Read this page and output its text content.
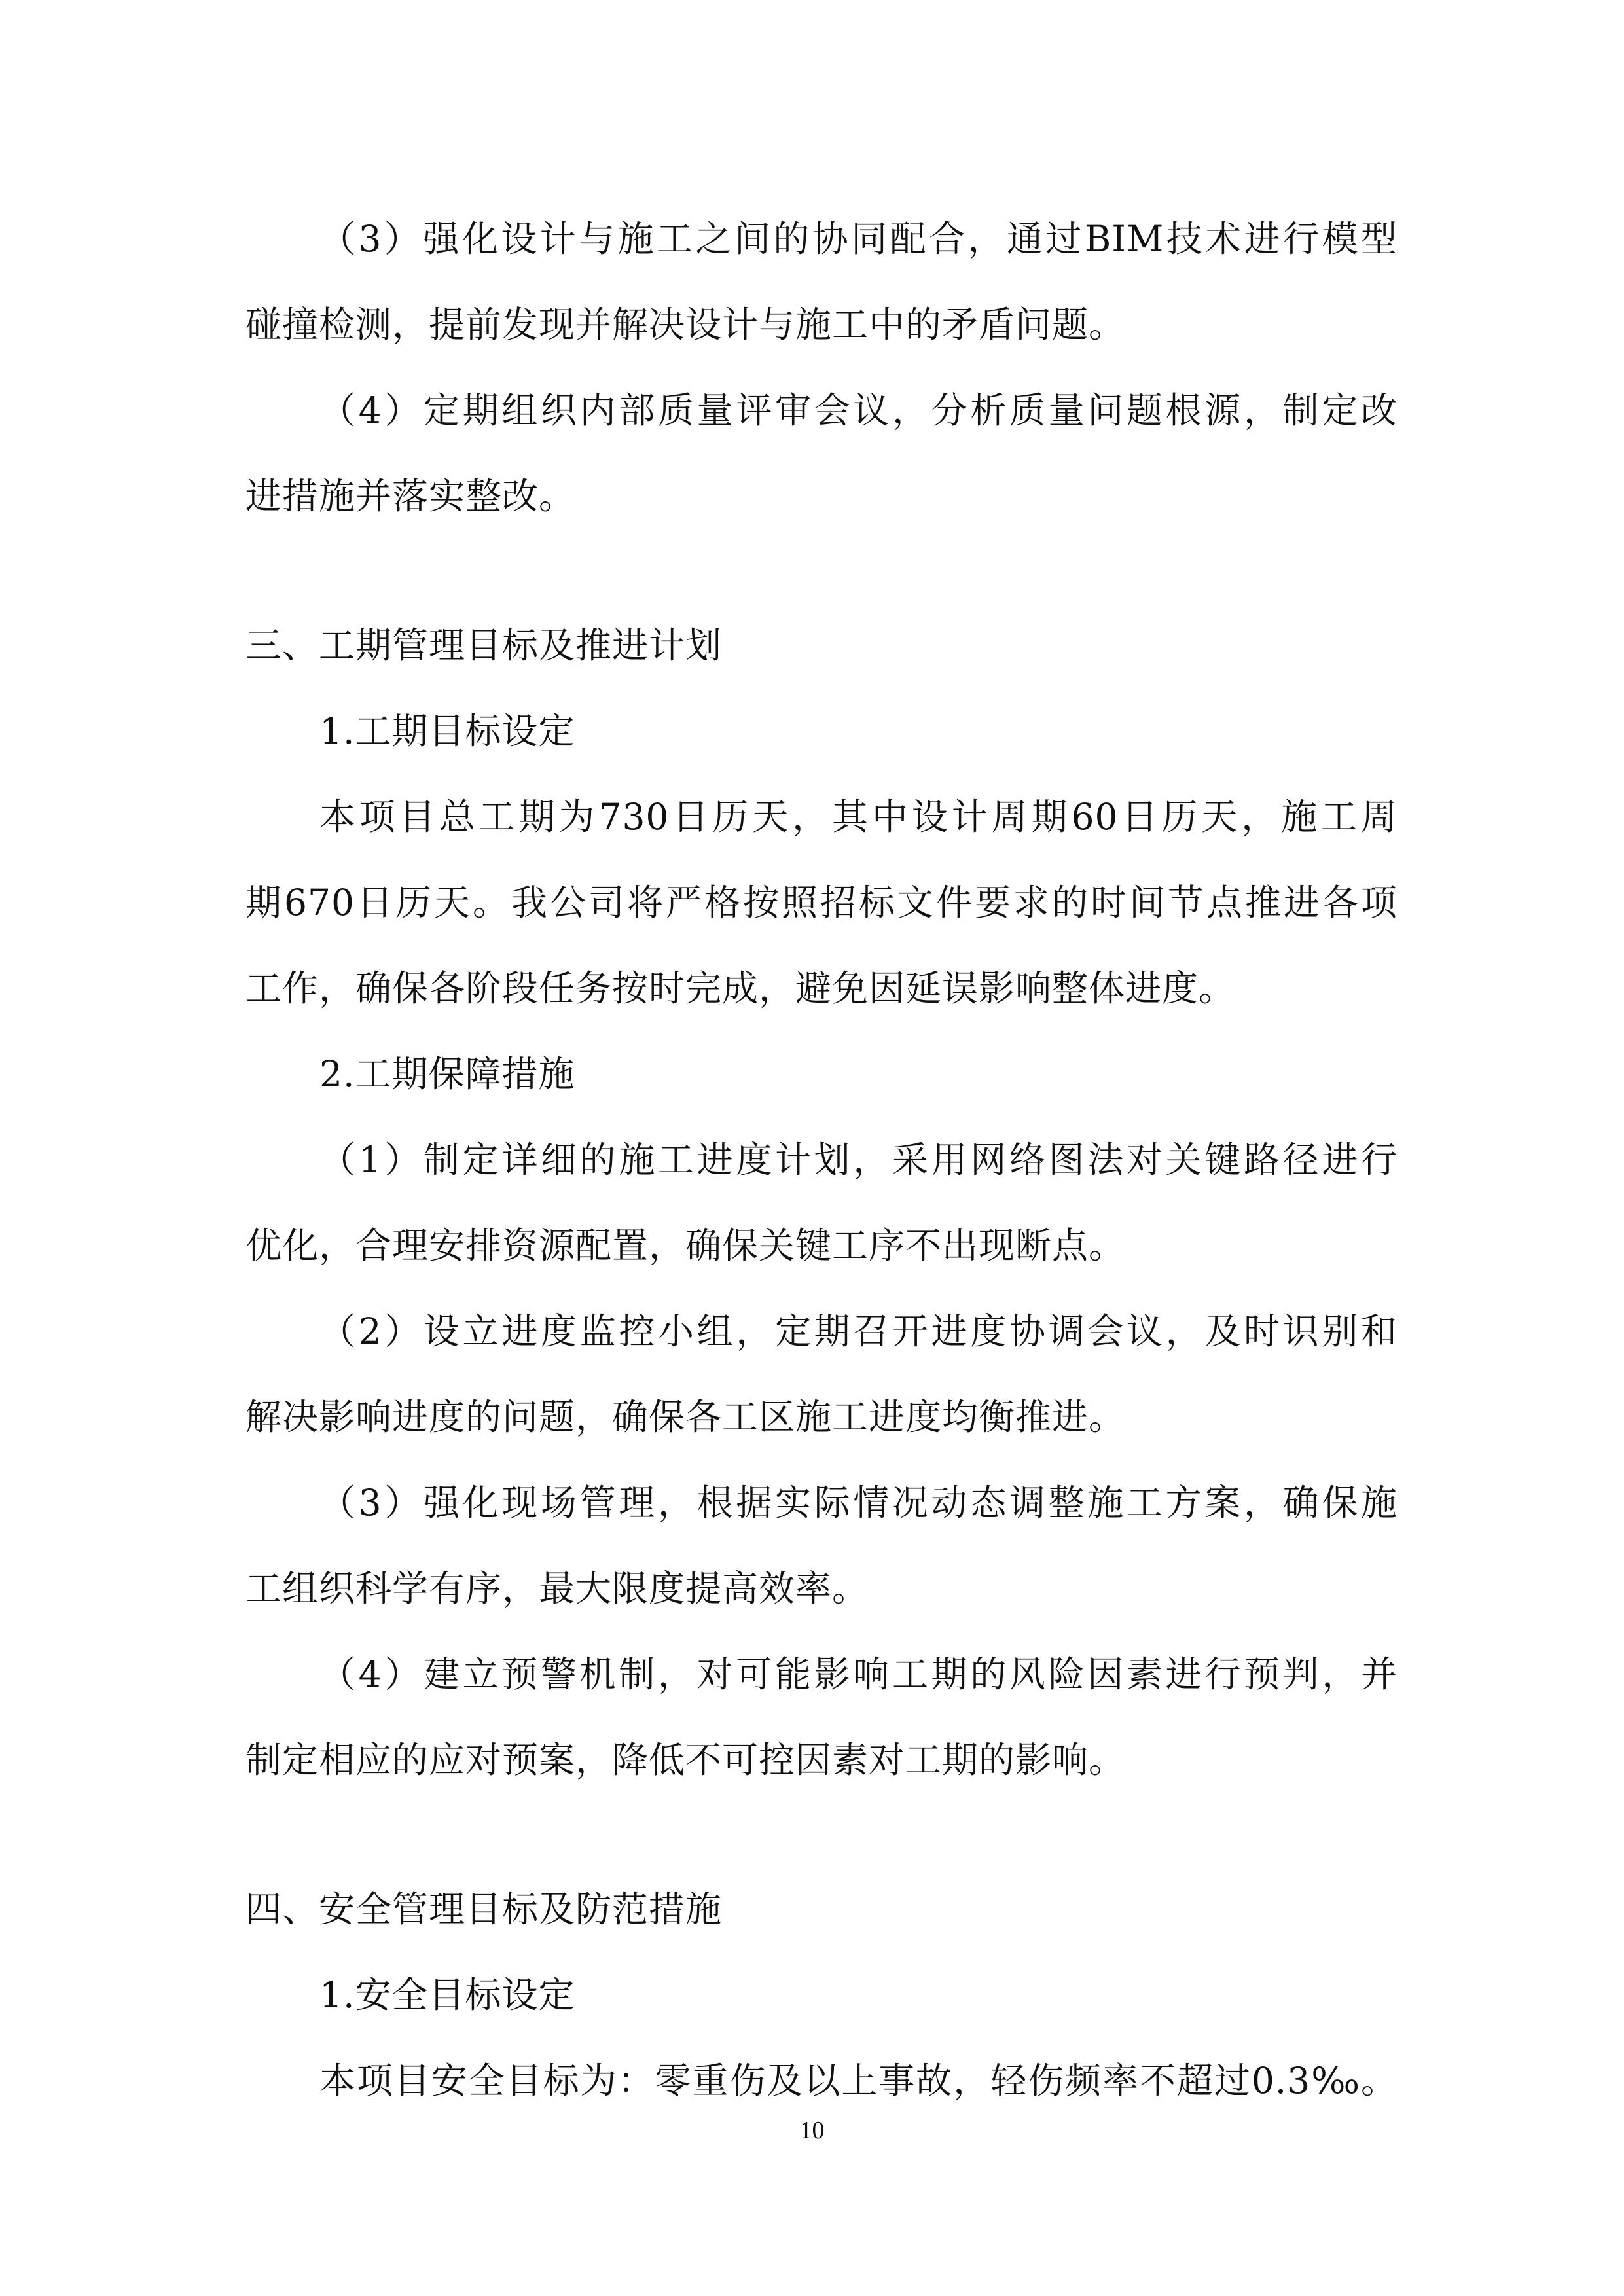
（3）强化设计与施工之间的协同配合，通过BIM技术进行模型
碰撞检测，提前发现并解决设计与施工中的矛盾问题。
（4）定期组织内部质量评审会议，分析质量问题根源，制定改
进措施并落实整改。
三、工期管理目标及推进计划
1.工期目标设定
本项目总工期为730日历天，其中设计周期60日历天，施工周
期670日历天。我公司将严格按照招标文件要求的时间节点推进各项
工作，确保各阶段任务按时完成，避免因延误影响整体进度。
2.工期保障措施
（1）制定详细的施工进度计划，采用网络图法对关键路径进行
优化，合理安排资源配置，确保关键工序不出现断点。
（2）设立进度监控小组，定期召开进度协调会议，及时识别和
解决影响进度的问题，确保各工区施工进度均衡推进。
（3）强化现场管理，根据实际情况动态调整施工方案，确保施
工组织科学有序，最大限度提高效率。
（4）建立预警机制，对可能影响工期的风险因素进行预判，并
制定相应的应对预案，降低不可控因素对工期的影响。
四、安全管理目标及防范措施
1.安全目标设定
本项目安全目标为：零重伤及以上事故，轻伤频率不超过0.3‰。
10
